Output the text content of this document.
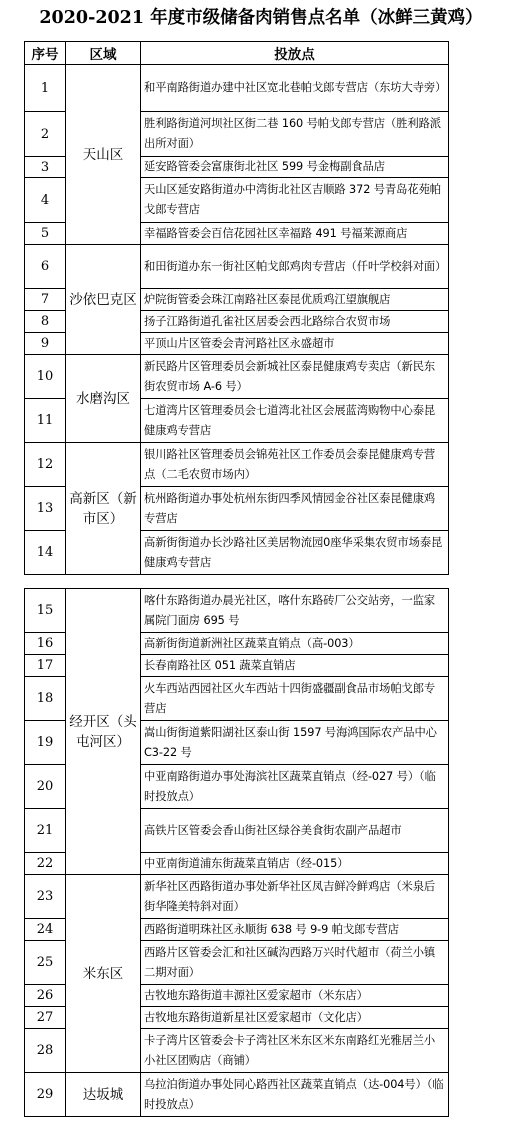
2020-2021 年度市级储备肉销售点名单（冰鲜三黄鸡）
序号	区域	投放点
1	天山区	和平南路街道办建中社区宽北巷帕戈郎专营店（东坊大寺旁）
2		胜利路街道河坝社区街二巷 160 号帕戈郎专营店（胜利路派出所对面）
3		延安路管委会富康街北社区 599 号金梅副食品店
4		天山区延安路街道办中湾街北社区吉顺路 372 号青岛花苑帕戈郎专营店
5		幸福路管委会百信花园社区幸福路 491 号福莱源商店
6	沙依巴克区	和田街道办东一街社区帕戈郎鸡肉专营店（仟叶学校斜对面）
7		炉院街管委会珠江南路社区泰昆优质鸡江望旗舰店
8		扬子江路街道孔雀社区居委会西北路综合农贸市场
9		平顶山片区管委会青河路社区永盛超市
10	水磨沟区	新民路片区管理委员会新城社区泰昆健康鸡专卖店（新民东街农贸市场 A-6 号）
11		七道湾片区管理委员会七道湾北社区会展蓝湾购物中心泰昆健康鸡专营店
12	高新区（新市区）	银川路社区管理委员会锦苑社区工作委员会泰昆健康鸡专营点（二毛农贸市场内）
13		杭州路街道办事处杭州东街四季风情园金谷社区泰昆健康鸡专营店
14		高新街街道办长沙路社区美居物流园0座华采集农贸市场泰昆健康鸡专营店
15	经开区（头屯河区）	喀什东路街道办晨光社区，喀什东路砖厂公交站旁，一监家属院门面房 695 号
16		高新街街道新洲社区蔬菜直销点（高-003）
17		长春南路社区 051 蔬菜直销店
18		火车西站西园社区火车西站十四街盛疆副食品市场帕戈郎专营店
19		嵩山街街道紫阳湖社区泰山街 1597 号海鸿国际农产品中心 C3-22 号
20		中亚南路街道办事处海滨社区蔬菜直销点（经-027 号）（临时投放点）
21		高铁片区管委会香山街社区绿谷美食街农副产品超市
22		中亚南街道浦东街蔬菜直销店（经-015）
23	米东区	新华社区西路街道办事处新华社区凤吉鲜冷鲜鸡店（米泉后街华隆美特斜对面）
24		西路街道明珠社区永顺街 638 号 9-9 帕戈郎专营店
25		西路片区管委会汇和社区碱沟西路万兴时代超市（荷兰小镇二期对面）
26		古牧地东路街道丰源社区爱家超市（米东店）
27		古牧地东路街道新星社区爱家超市（文化店）
28		卡子湾片区管委会卡子湾社区米东区米东南路红光雅居兰小小社区团购店（商铺）
29	达坂城	乌拉泊街道办事处同心路西社区蔬菜直销点（达-004号）（临时投放点）
